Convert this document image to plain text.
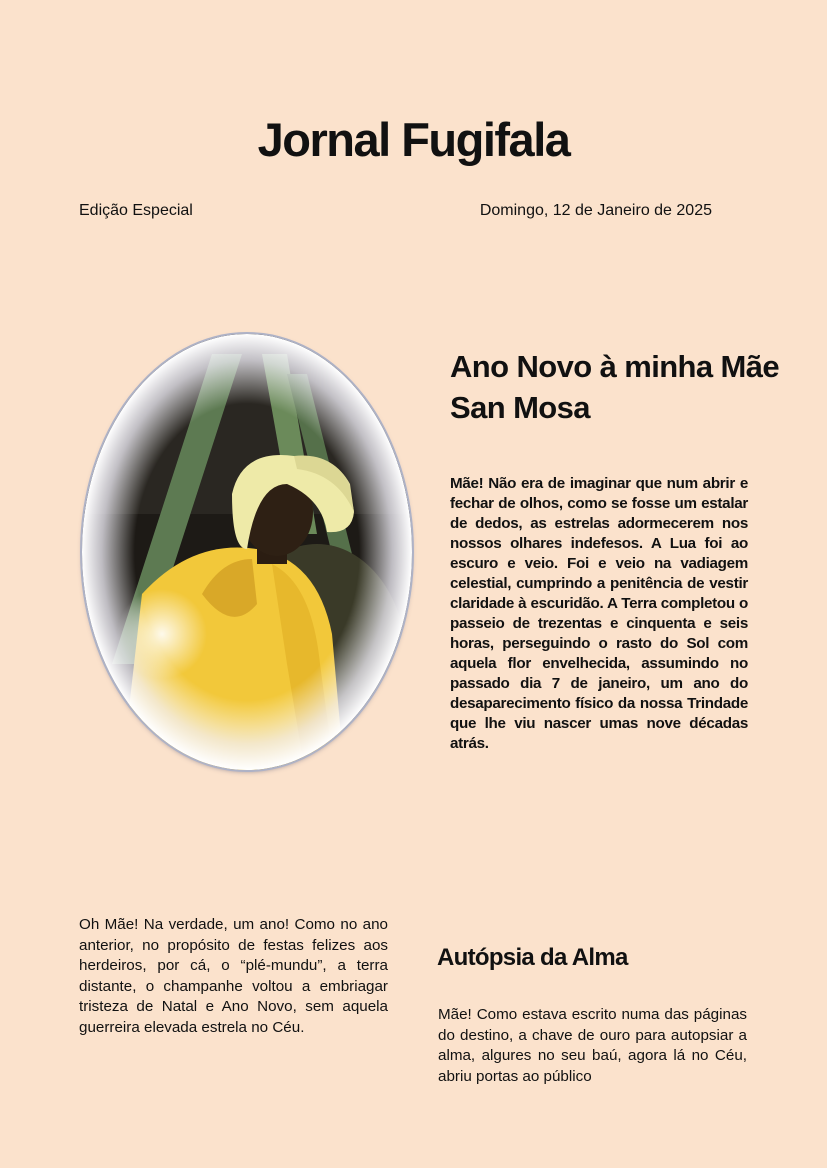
Jornal Fugifala
Edição Especial	Domingo, 12 de Janeiro de 2025
Ano Novo à minha Mãe San Mosa

Mãe! Não era de imaginar que num abrir e fechar de olhos, como se fosse um estalar de dedos, as estrelas adormecerem nos nossos olhares indefesos. A Lua foi ao escuro e veio. Foi e veio na vadiagem celestial, cumprindo a penitência de vestir claridade à escuridão. A Terra completou o passeio de trezentas e cinquenta e seis horas, perseguindo o rasto do Sol com aquela flor envelhecida, assumindo no passado dia 7 de janeiro, um ano do desaparecimento físico da nossa Trindade que lhe viu nascer umas nove décadas atrás.

Oh Mãe! Na verdade, um ano! Como no ano anterior, no propósito de festas felizes aos herdeiros, por cá, o “plé-mundu”, a terra distante, o champanhe voltou a embriagar tristeza de Natal e Ano Novo, sem aquela guerreira elevada estrela no Céu.

Autópsia da Alma

Mãe! Como estava escrito numa das páginas do destino, a chave de ouro para autopsiar a alma, algures no seu baú, agora lá no Céu, abriu portas ao público
